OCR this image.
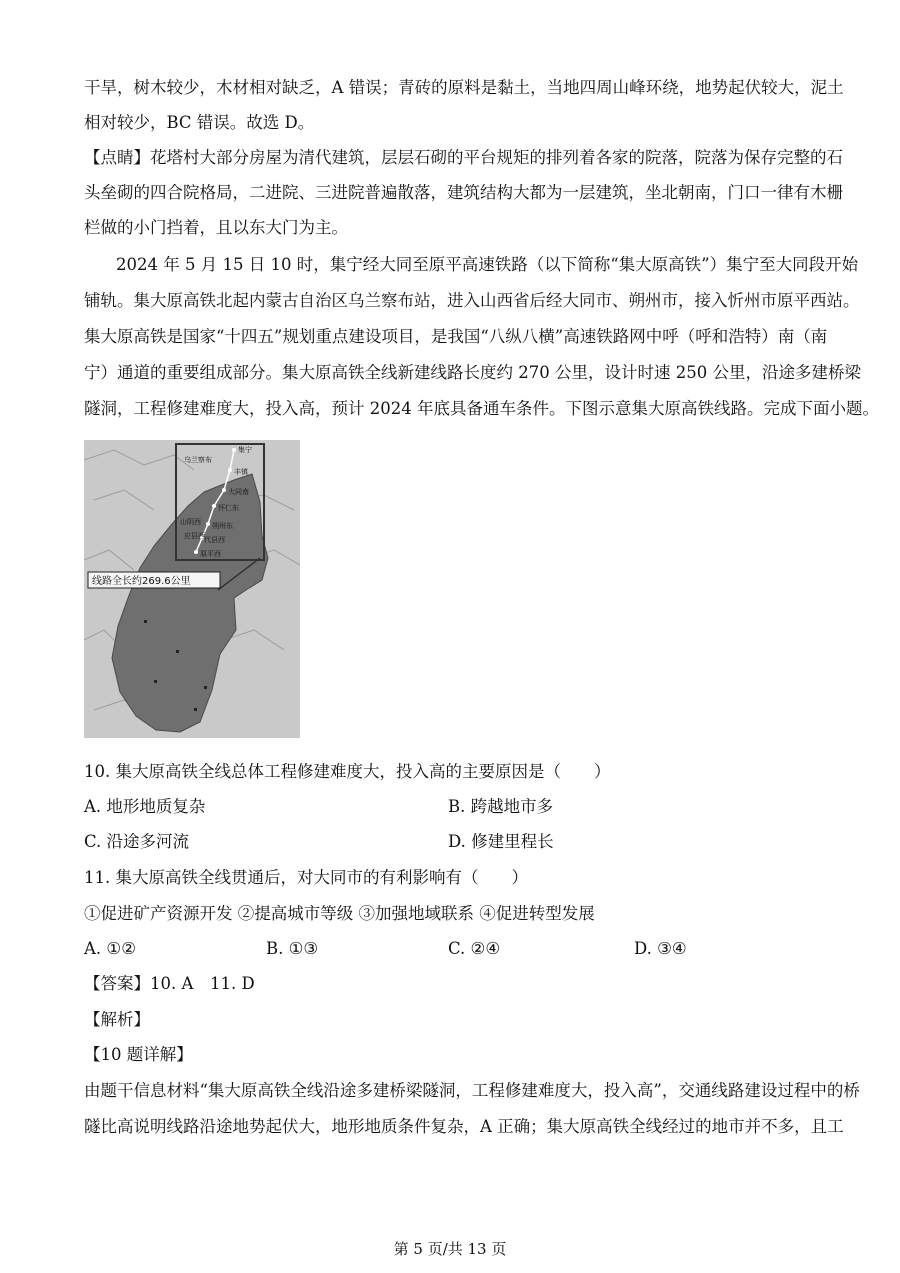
干旱，树木较少，木材相对缺乏，A 错误；青砖的原料是黏土，当地四周山峰环绕，地势起伏较大，泥土
相对较少，BC 错误。故选 D。
【点睛】花塔村大部分房屋为清代建筑，层层石砌的平台规矩的排列着各家的院落，院落为保存完整的石
头垒砌的四合院格局，二进院、三进院普遍散落，建筑结构大都为一层建筑，坐北朝南，门口一律有木栅
栏做的小门挡着，且以东大门为主。
2024 年 5 月 15 日 10 时，集宁经大同至原平高速铁路（以下简称“集大原高铁”）集宁至大同段开始
铺轨。集大原高铁北起内蒙古自治区乌兰察布站，进入山西省后经大同市、朔州市，接入忻州市原平西站。
集大原高铁是国家“十四五”规划重点建设项目，是我国“八纵八横”高速铁路网中呼（呼和浩特）南（南
宁）通道的重要组成部分。集大原高铁全线新建线路长度约 270 公里，设计时速 250 公里，沿途多建桥梁
隧洞，工程修建难度大，投入高，预计 2024 年底具备通车条件。下图示意集大原高铁线路。完成下面小题。
乌兰察布
集宁
丰镇
大同南
怀仁东
山阴西 朔州东
应县西 代县西
原平西
线路全长约269.6公里
10. 集大原高铁全线总体工程修建难度大，投入高的主要原因是（　　）
A. 地形地质复杂	B. 跨越地市多
C. 沿途多河流	D. 修建里程长
11. 集大原高铁全线贯通后，对大同市的有利影响有（　　）
①促进矿产资源开发 ②提高城市等级 ③加强地域联系 ④促进转型发展
A. ①②	B. ①③	C. ②④	D. ③④
【答案】10. A 11. D
【解析】
【10 题详解】
由题干信息材料“集大原高铁全线沿途多建桥梁隧洞，工程修建难度大，投入高”，交通线路建设过程中的桥
隧比高说明线路沿途地势起伏大，地形地质条件复杂，A 正确；集大原高铁全线经过的地市并不多，且工
第 5 页/共 13 页
